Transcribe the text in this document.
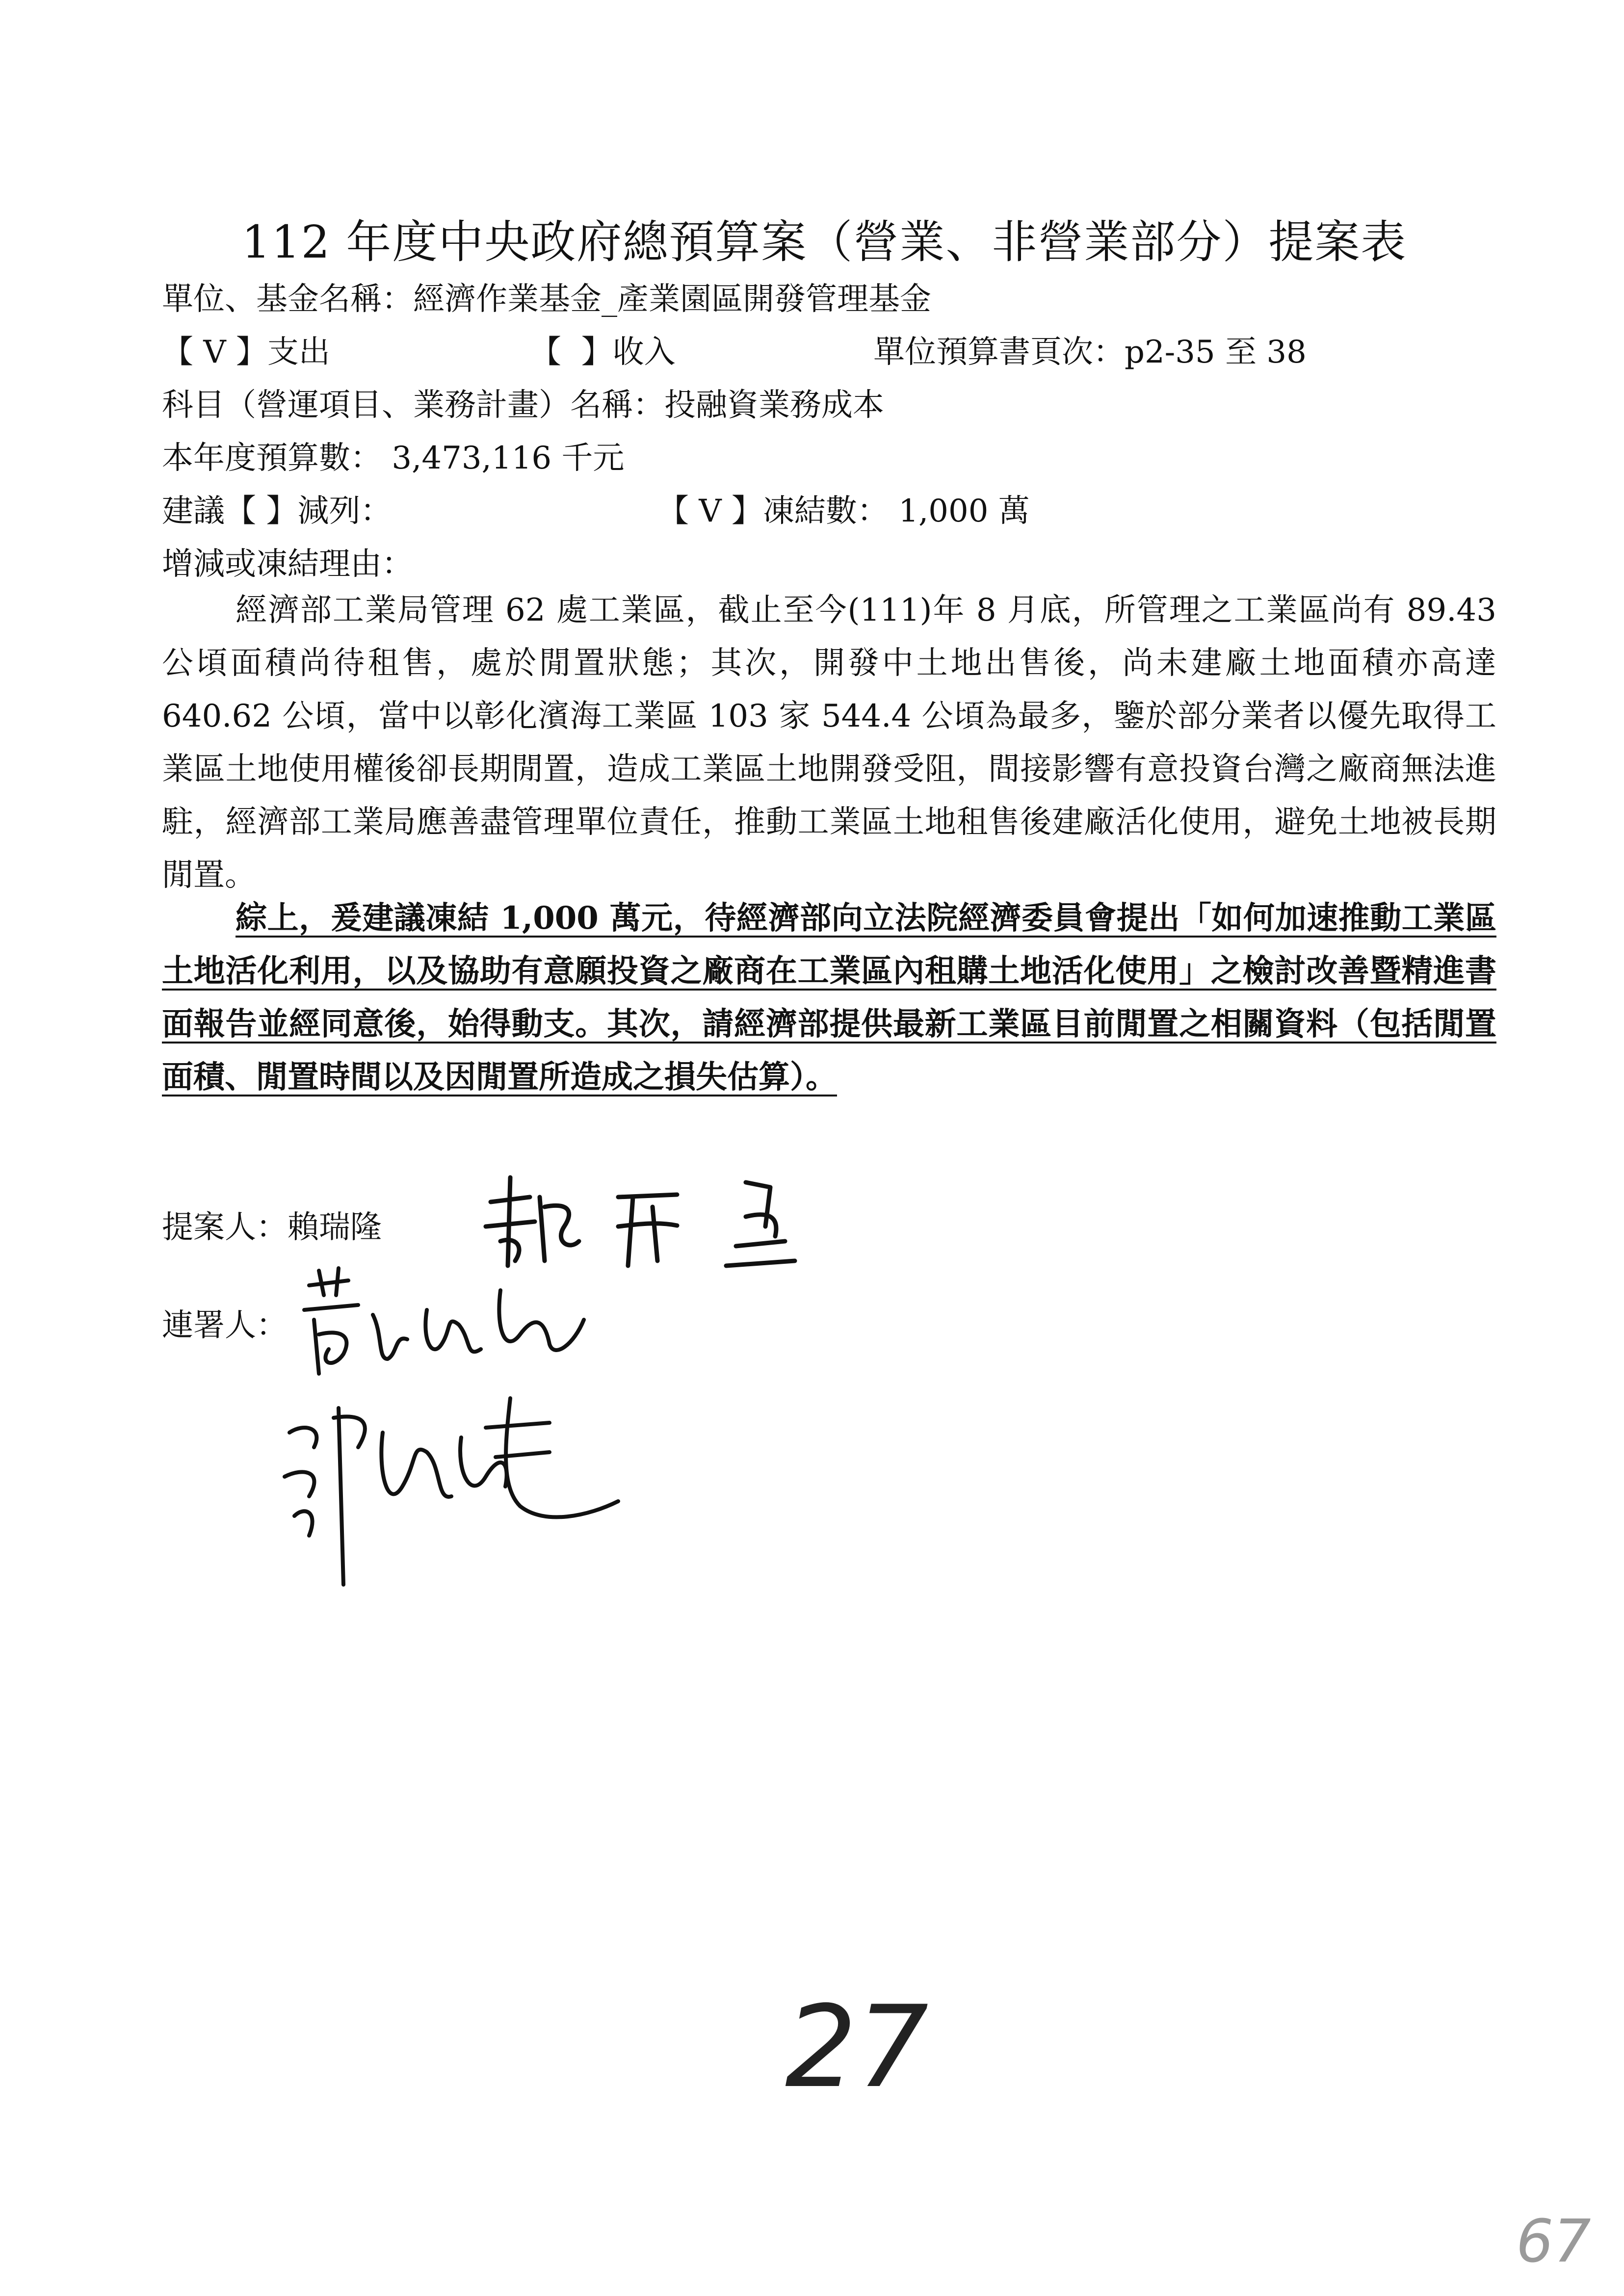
112 年度中央政府總預算案（營業、非營業部分）提案表
單位、基金名稱：經濟作業基金_產業園區開發管理基金
【 V 】支出	【  】收入	單位預算書頁次：p2-35 至 38
科目（營運項目、業務計畫）名稱：投融資業務成本
本年度預算數： 3,473,116 千元
建議【 】減列：	【 V 】凍結數： 1,000 萬
增減或凍結理由：
經濟部工業局管理 62 處工業區，截止至今(111)年 8 月底，所管理之工業區尚有 89.43 公頃面積尚待租售，處於閒置狀態；其次，開發中土地出售後，尚未建廠土地面積亦高達 640.62 公頃，當中以彰化濱海工業區 103 家 544.4 公頃為最多，鑒於部分業者以優先取得工業區土地使用權後卻長期閒置，造成工業區土地開發受阻，間接影響有意投資台灣之廠商無法進駐，經濟部工業局應善盡管理單位責任，推動工業區土地租售後建廠活化使用，避免土地被長期閒置。
綜上，爰建議凍結 1,000 萬元，待經濟部向立法院經濟委員會提出「如何加速推動工業區土地活化利用，以及協助有意願投資之廠商在工業區內租購土地活化使用」之檢討改善暨精進書面報告並經同意後，始得動支。其次，請經濟部提供最新工業區目前閒置之相關資料（包括閒置面積、閒置時間以及因閒置所造成之損失估算）。
提案人：賴瑞隆
連署人：
27
67
